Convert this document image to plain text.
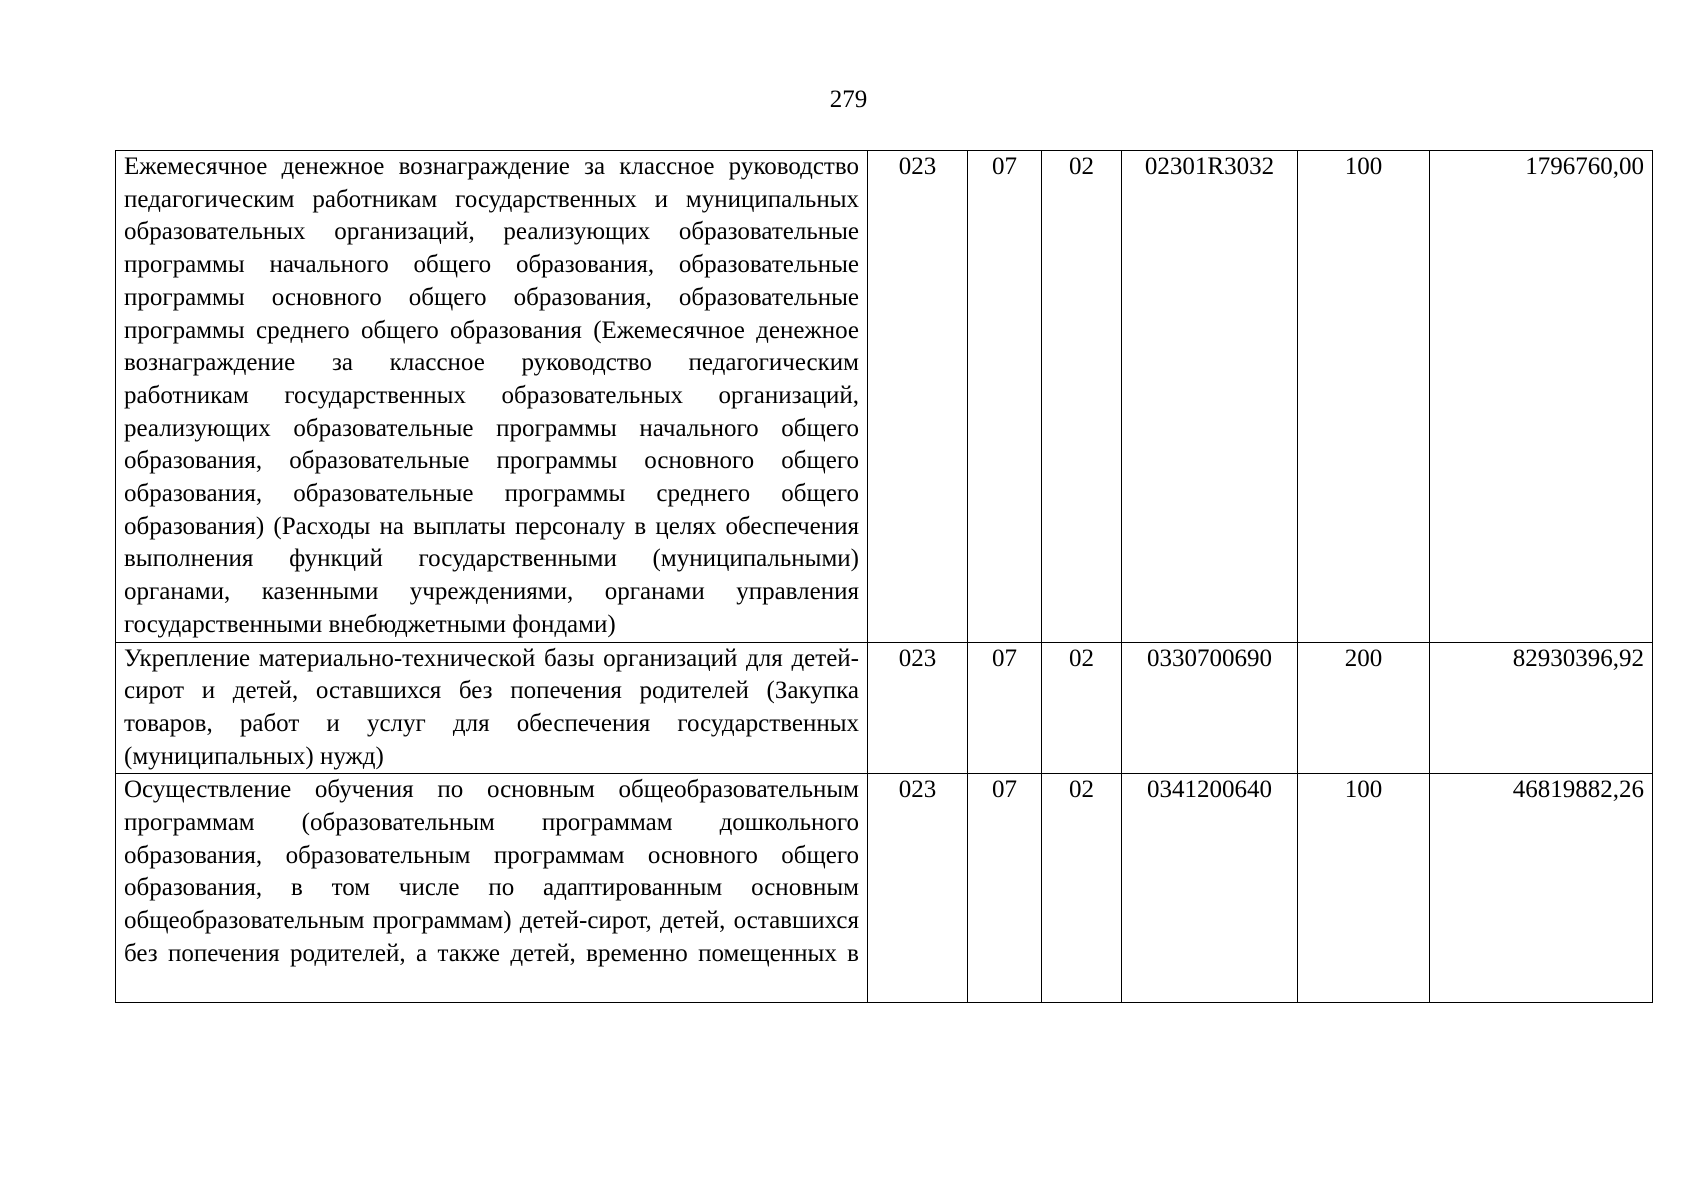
279
Ежемесячное денежное вознаграждение за классное руководство педагогическим работникам государственных и муниципальных образовательных организаций, реализующих образовательные программы начального общего образования, образовательные программы основного общего образования, образовательные программы среднего общего образования (Ежемесячное денежное вознаграждение за классное руководство педагогическим работникам государственных образовательных организаций, реализующих образовательные программы начального общего образования, образовательные программы основного общего образования, образовательные программы среднего общего образования) (Расходы на выплаты персоналу в целях обеспечения выполнения функций государственными (муниципальными) органами, казенными учреждениями, органами управления государственными внебюджетными фондами)	023	07	02	02301R3032	100	1796760,00
Укрепление материально-технической базы организаций для детей-сирот и детей, оставшихся без попечения родителей (Закупка товаров, работ и услуг для обеспечения государственных (муниципальных) нужд)	023	07	02	0330700690	200	82930396,92
Осуществление обучения по основным общеобразовательным программам (образовательным программам дошкольного образования, образовательным программам основного общего образования, в том числе по адаптированным основным общеобразовательным программам) детей-сирот, детей, оставшихся без попечения родителей, а также детей, временно помещенных в	023	07	02	0341200640	100	46819882,26
